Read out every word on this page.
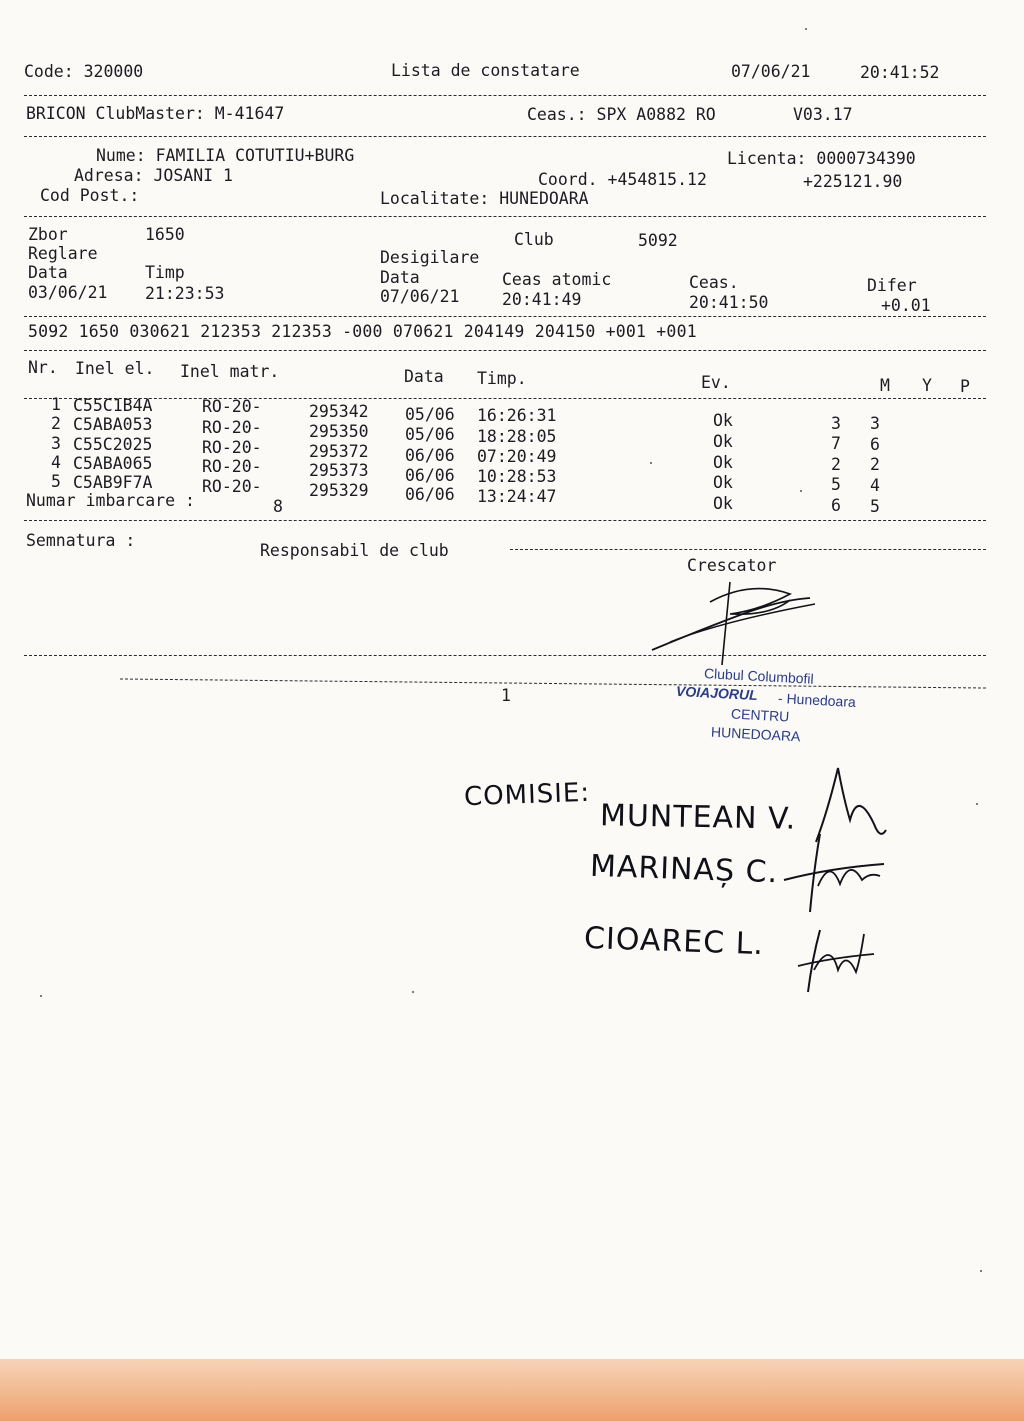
Code: 320000	Lista de constatare	07/06/21	20:41:52
BRICON ClubMaster: M-41647	Ceas.: SPX A0882 RO	V03.17
Nume: FAMILIA COTUTIU+BURG	Licenta: 0000734390
Adresa: JOSANI 1	Coord. +454815.12	+225121.90
Cod Post.:	Localitate: HUNEDOARA
Zbor	1650	Club	5092
Reglare	Desigilare
Data	Timp	Data	Ceas atomic	Ceas.	Difer
03/06/21 21:23:53	07/06/21	20:41:49	20:41:50	+0.01
5092 1650 030621 212353 212353 -000 070621 204149 204150 +001 +001
Nr. Inel el. Inel matr.	Data Timp.	Ev.	M Y P
1 C55C1B4A	RO-20-	295342 05/06 16:26:31	Ok	3 3
2 C5ABA053	RO-20-	295350 05/06 18:28:05	Ok	7 6
3 C55C2025	RO-20-	295372 06/06 07:20:49	Ok	2 2
4 C5ABA065	RO-20-	295373 06/06 10:28:53	Ok	5 4
5 C5AB9F7A	RO-20-	295329 06/06 13:24:47	Ok	6 5
Numar imbarcare :	8
Semnatura :
Responsabil de club
Crescator
1
Clubul Columbofil
VOIAJORUL - Hunedoara
CENTRU
HUNEDOARA
COMISIE:
MUNTEAN V.
MARINAȘ C.
CIOAREC L.
